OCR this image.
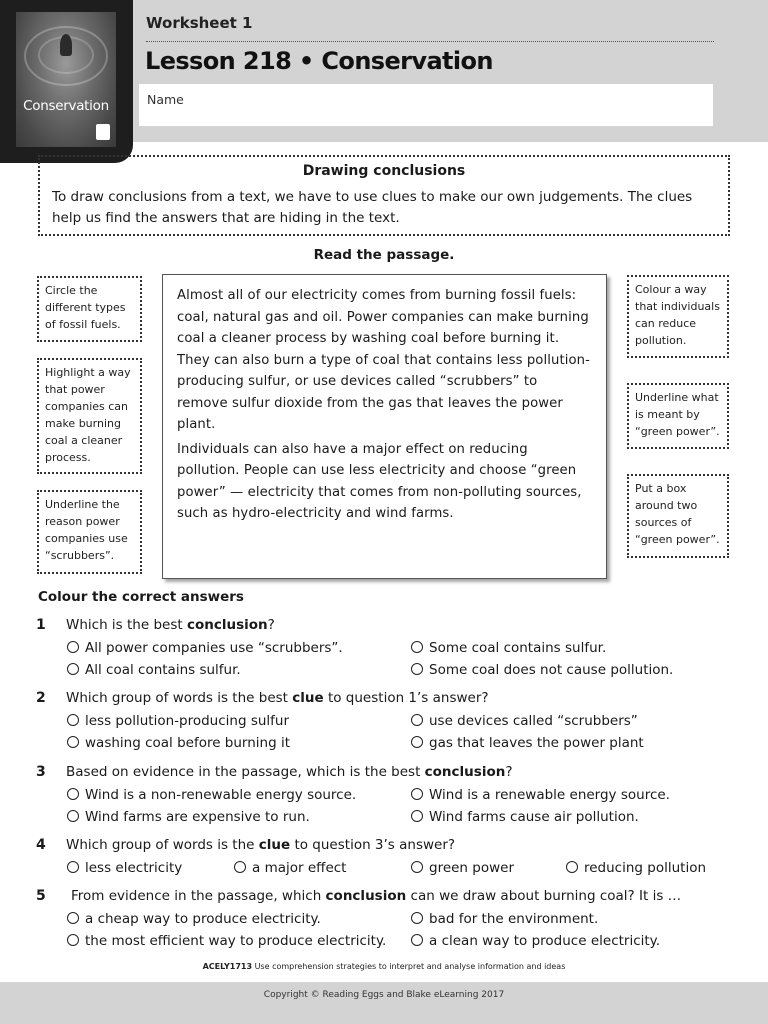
Conservation
Worksheet 1
Lesson 218 • Conservation
Name
Drawing conclusions
To draw conclusions from a text, we have to use clues to make our own judgements. The clues help us find the answers that are hiding in the text.
Read the passage.
Circle the different types of fossil fuels.
Highlight a way that power companies can make burning coal a cleaner process.
Underline the reason power companies use “scrubbers”.
Colour a way that individuals can reduce pollution.
Underline what is meant by “green power”.
Put a box around two sources of “green power”.

Almost all of our electricity comes from burning fossil fuels: coal, natural gas and oil. Power companies can make burning coal a cleaner process by washing coal before burning it. They can also burn a type of coal that contains less pollution-producing sulfur, or use devices called “scrubbers” to remove sulfur dioxide from the gas that leaves the power plant.

Individuals can also have a major effect on reducing pollution. People can use less electricity and choose “green power” — electricity that comes from non-polluting sources, such as hydro-electricity and wind farms.

Colour the correct answers
1 Which is the best conclusion?
All power companies use “scrubbers”.	Some coal contains sulfur.
All coal contains sulfur.	Some coal does not cause pollution.
2 Which group of words is the best clue to question 1’s answer?
less pollution-producing sulfur	use devices called “scrubbers”
washing coal before burning it	gas that leaves the power plant
3 Based on evidence in the passage, which is the best conclusion?
Wind is a non-renewable energy source.	Wind is a renewable energy source.
Wind farms are expensive to run.	Wind farms cause air pollution.
4 Which group of words is the clue to question 3’s answer?
less electricity	a major effect	green power	reducing pollution
5 From evidence in the passage, which conclusion can we draw about burning coal? It is …
a cheap way to produce electricity.	bad for the environment.
the most efficient way to produce electricity.	a clean way to produce electricity.
ACELY1713 Use comprehension strategies to interpret and analyse information and ideas
Copyright © Reading Eggs and Blake eLearning 2017
